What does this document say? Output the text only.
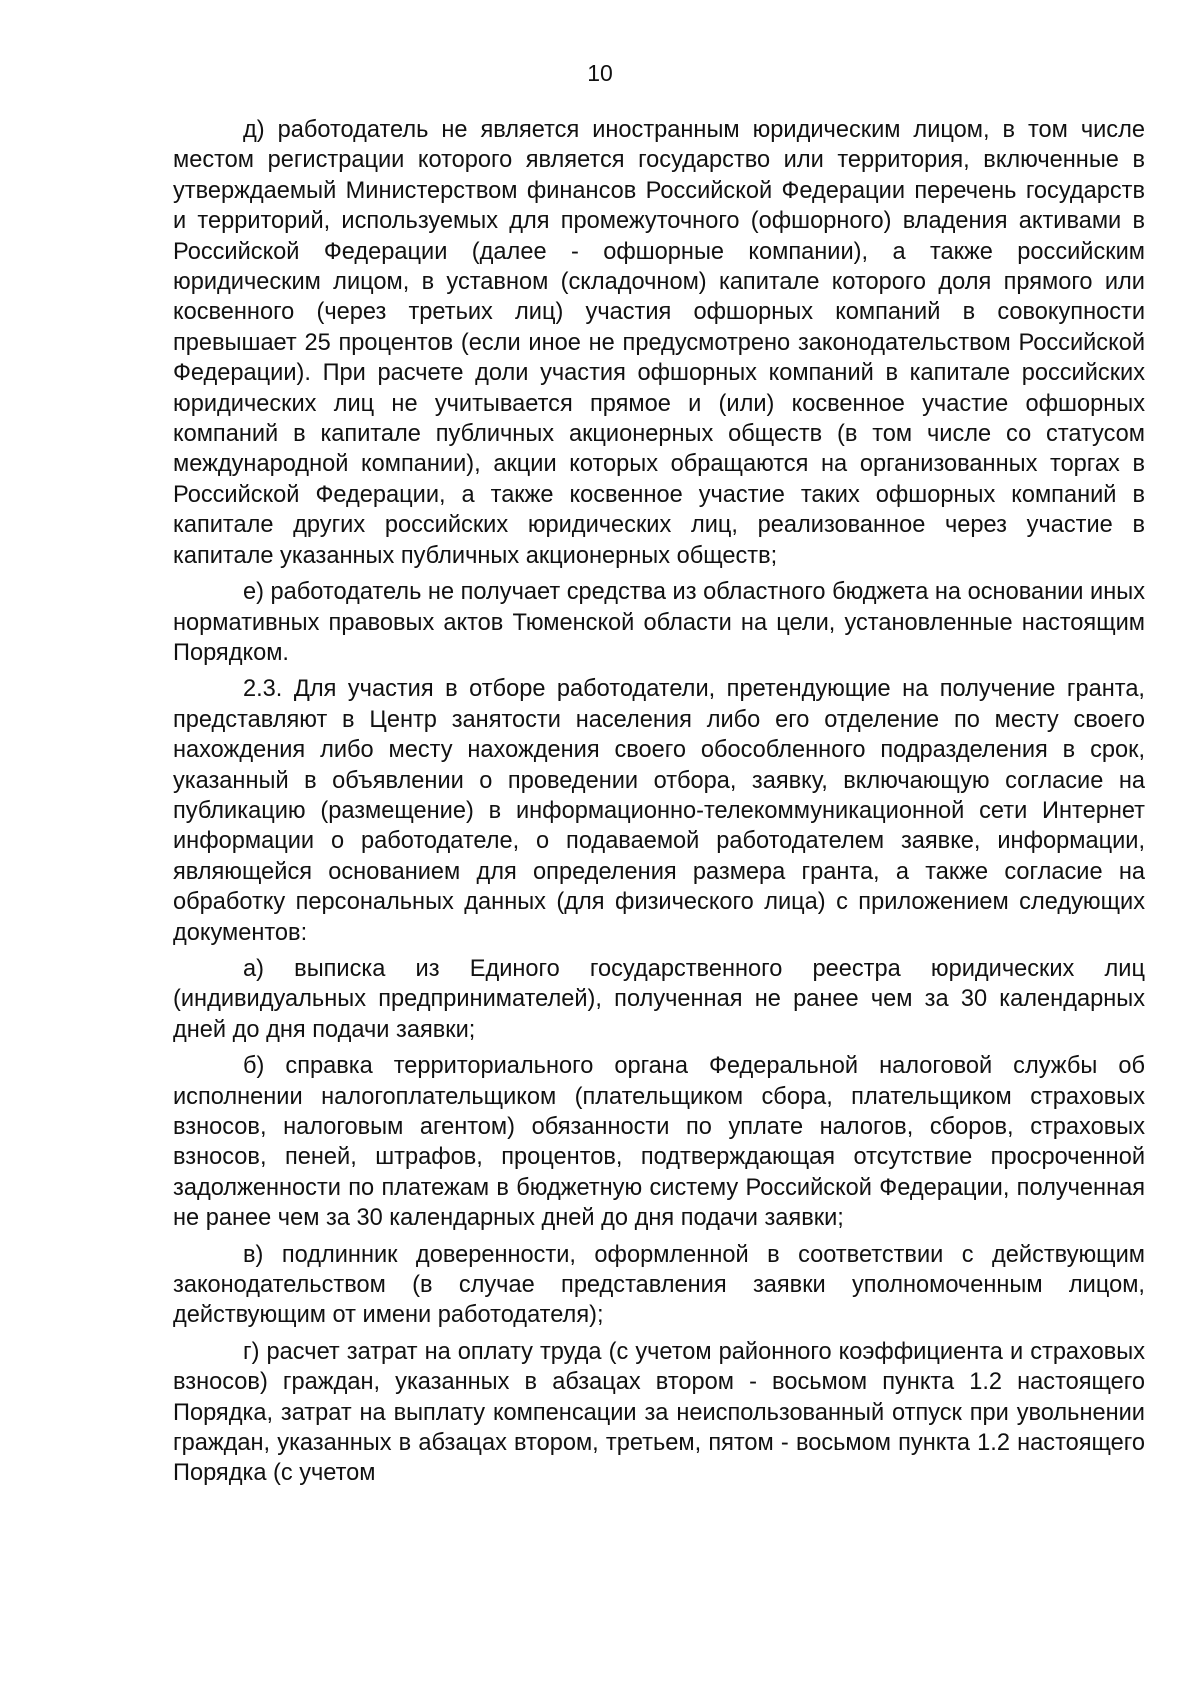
10

д) работодатель не является иностранным юридическим лицом, в том числе местом регистрации которого является государство или территория, включенные в утверждаемый Министерством финансов Российской Федерации перечень государств и территорий, используемых для промежуточного (офшорного) владения активами в Российской Федерации (далее - офшорные компании), а также российским юридическим лицом, в уставном (складочном) капитале которого доля прямого или косвенного (через третьих лиц) участия офшорных компаний в совокупности превышает 25 процентов (если иное не предусмотрено законодательством Российской Федерации). При расчете доли участия офшорных компаний в капитале российских юридических лиц не учитывается прямое и (или) косвенное участие офшорных компаний в капитале публичных акционерных обществ (в том числе со статусом международной компании), акции которых обращаются на организованных торгах в Российской Федерации, а также косвенное участие таких офшорных компаний в капитале других российских юридических лиц, реализованное через участие в капитале указанных публичных акционерных обществ;

е) работодатель не получает средства из областного бюджета на основании иных нормативных правовых актов Тюменской области на цели, установленные настоящим Порядком.

2.3. Для участия в отборе работодатели, претендующие на получение гранта, представляют в Центр занятости населения либо его отделение по месту своего нахождения либо месту нахождения своего обособленного подразделения в срок, указанный в объявлении о проведении отбора, заявку, включающую согласие на публикацию (размещение) в информационно-телекоммуникационной сети Интернет информации о работодателе, о подаваемой работодателем заявке, информации, являющейся основанием для определения размера гранта, а также согласие на обработку персональных данных (для физического лица) с приложением следующих документов:

а) выписка из Единого государственного реестра юридических лиц (индивидуальных предпринимателей), полученная не ранее чем за 30 календарных дней до дня подачи заявки;

б) справка территориального органа Федеральной налоговой службы об исполнении налогоплательщиком (плательщиком сбора, плательщиком страховых взносов, налоговым агентом) обязанности по уплате налогов, сборов, страховых взносов, пеней, штрафов, процентов, подтверждающая отсутствие просроченной задолженности по платежам в бюджетную систему Российской Федерации, полученная не ранее чем за 30 календарных дней до дня подачи заявки;

в) подлинник доверенности, оформленной в соответствии с действующим законодательством (в случае представления заявки уполномоченным лицом, действующим от имени работодателя);

г) расчет затрат на оплату труда (с учетом районного коэффициента и страховых взносов) граждан, указанных в абзацах втором - восьмом пункта 1.2 настоящего Порядка, затрат на выплату компенсации за неиспользованный отпуск при увольнении граждан, указанных в абзацах втором, третьем, пятом - восьмом пункта 1.2 настоящего Порядка (с учетом
